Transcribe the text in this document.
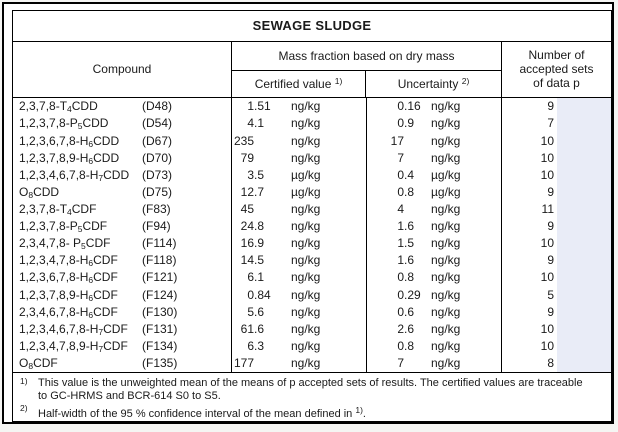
SEWAGE SLUDGE
Compound
Mass fraction based on dry mass
Certified value $^{1)}$	Uncertainty $^{2)}$
Number of
accepted sets
of data p
2,3,7,8-T4CDD	(D48)	1 .51	ng/kg	0 .16 ng/kg	9
1,2,3,7,8-P5CDD	(D54)	4 .1	ng/kg	0 .9	ng/kg	7
1,2,3,6,7,8-H6CDD	(D67)	235	ng/kg	17 ng/kg	10
1,2,3,7,8,9-H6CDD	(D70)	79	ng/kg	7 ng/kg	10
1,2,3,4,6,7,8-H7CDD	(D73)	3 .5	µg/kg	0 .4	µg/kg	10
O8CDD	(D75)	12 .7	µg/kg	0 .8	µg/kg	9
2,3,7,8-T4CDF	(F83)	45	ng/kg	4 ng/kg	11
1,2,3,7,8-P5CDF	(F94)	24 .8	ng/kg	1 .6	ng/kg	9
2,3,4,7,8- P5CDF	(F114)	16 .9	ng/kg	1 .5	ng/kg	10
1,2,3,4,7,8-H6CDF	(F118)	14 .5	ng/kg	1 .6	ng/kg	9
1,2,3,6,7,8-H6CDF	(F121)	6 .1	ng/kg	0 .8	ng/kg	10
1,2,3,7,8,9-H6CDF	(F124)	0 .84	ng/kg	0 .29 ng/kg	5
2,3,4,6,7,8-H6CDF	(F130)	5 .6	ng/kg	0 .6	ng/kg	9
1,2,3,4,6,7,8-H7CDF	(F131)	61 .6	ng/kg	2 .6	ng/kg	10
1,2,3,4,7,8,9-H7CDF	(F134)	6 .3	ng/kg	0 .8	ng/kg	10
O8CDF	(F135)	177	ng/kg	7 ng/kg	8
1) This value is the unweighted mean of the means of p accepted sets of results. The certified values are traceable to GC-HRMS and BCR-614 S0 to S5.
2) Half-width of the 95 % confidence interval of the mean defined in $^{1)}$.
